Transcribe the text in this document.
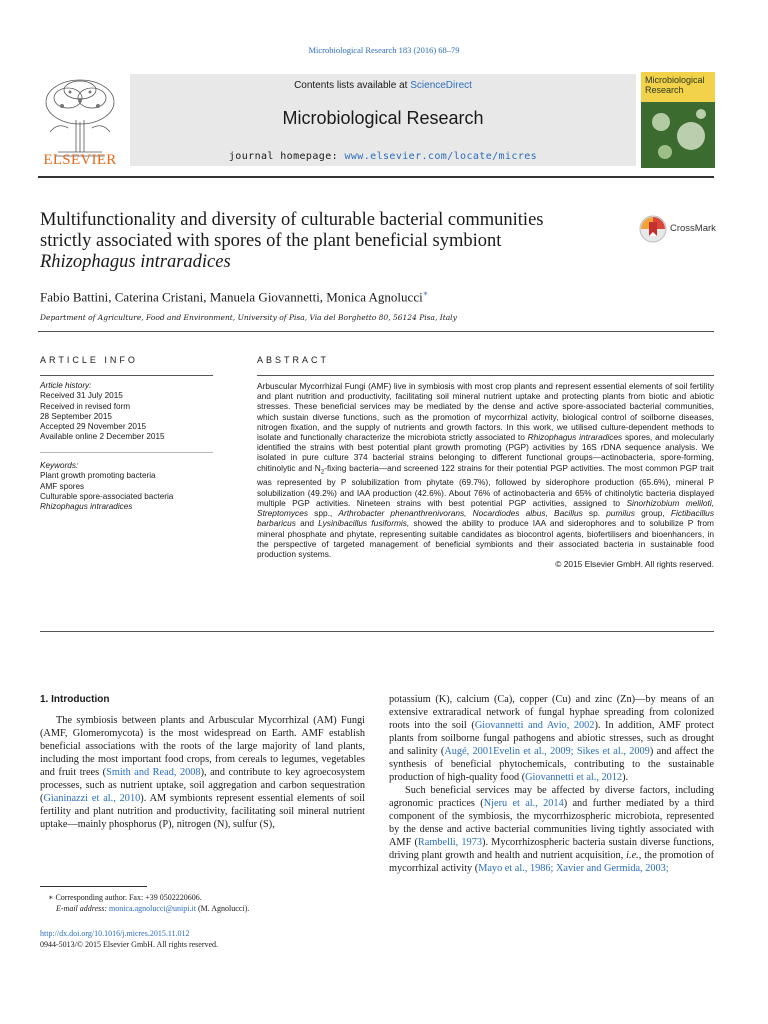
Microbiological Research 183 (2016) 68–79
Contents lists available at ScienceDirect
Microbiological Research
journal homepage: www.elsevier.com/locate/micres
ELSEVIER
Microbiological
Research
Multifunctionality and diversity of culturable bacterial communities
strictly associated with spores of the plant beneficial symbiont
Rhizophagus intraradices
CrossMark
Fabio Battini, Caterina Cristani, Manuela Giovannetti, Monica Agnolucci∗
Department of Agriculture, Food and Environment, University of Pisa, Via del Borghetto 80, 56124 Pisa, Italy
ARTICLE INFO	ABSTRACT
Article history:
Received 31 July 2015
Received in revised form
28 September 2015
Accepted 29 November 2015
Available online 2 December 2015
Keywords:
Plant growth promoting bacteria
AMF spores
Culturable spore-associated bacteria
Rhizophagus intraradices
Arbuscular Mycorrhizal Fungi (AMF) live in symbiosis with most crop plants and represent essential elements of soil fertility and plant nutrition and productivity, facilitating soil mineral nutrient uptake and protecting plants from biotic and abiotic stresses. These beneficial services may be mediated by the dense and active spore-associated bacterial communities, which sustain diverse functions, such as the promotion of mycorrhizal activity, biological control of soilborne diseases, nitrogen fixation, and the supply of nutrients and growth factors. In this work, we utilised culture-dependent methods to isolate and functionally characterize the microbiota strictly associated to Rhizophagus intraradices spores, and molecularly identified the strains with best potential plant growth promoting (PGP) activities by 16S rDNA sequence analysis. We isolated in pure culture 374 bacterial strains belonging to different functional groups—actinobacteria, spore-forming, chitinolytic and $N_2$-fixing bacteria—and screened 122 strains for their potential PGP activities. The most common PGP trait was represented by P solubilization from phytate (69.7%), followed by siderophore production (65.6%), mineral P solubilization (49.2%) and IAA production (42.6%). About 76% of actinobacteria and 65% of chitinolytic bacteria displayed multiple PGP activities. Nineteen strains with best potential PGP activities, assigned to Sinorhizobium meliloti, Streptomyces spp., Arthrobacter phenanthrenivorans, Nocardiodes albus, Bacillus sp. pumilus group, Fictibacillus barbaricus and Lysinibacillus fusiformis, showed the ability to produce IAA and siderophores and to solubilize P from mineral phosphate and phytate, representing suitable candidates as biocontrol agents, biofertilisers and bioenhancers, in the perspective of targeted management of beneficial symbionts and their associated bacteria in sustainable food production systems.
© 2015 Elsevier GmbH. All rights reserved.
1. Introduction

The symbiosis between plants and Arbuscular Mycorrhizal (AM) Fungi (AMF, Glomeromycota) is the most widespread on Earth. AMF establish beneficial associations with the roots of the large majority of land plants, including the most important food crops, from cereals to legumes, vegetables and fruit trees (Smith and Read, 2008), and contribute to key agroecosystem processes, such as nutrient uptake, soil aggregation and carbon sequestration (Gianinazzi et al., 2010). AM symbionts represent essential elements of soil fertility and plant nutrition and productivity, facilitating soil mineral nutrient uptake—mainly phosphorus (P), nitrogen (N), sulfur (S),

potassium (K), calcium (Ca), copper (Cu) and zinc (Zn)—by means of an extensive extraradical network of fungal hyphae spreading from colonized roots into the soil (Giovannetti and Avio, 2002). In addition, AMF protect plants from soilborne fungal pathogens and abiotic stresses, such as drought and salinity (Augé, 2001Evelin et al., 2009; Sikes et al., 2009) and affect the synthesis of beneficial phytochemicals, contributing to the sustainable production of high-quality food (Giovannetti et al., 2012).

Such beneficial services may be affected by diverse factors, including agronomic practices (Njeru et al., 2014) and further mediated by a third component of the symbiosis, the mycorrhizospheric microbiota, represented by the dense and active bacterial communities living tightly associated with AMF (Rambelli, 1973). Mycorrhizospheric bacteria sustain diverse functions, driving plant growth and health and nutrient acquisition, i.e., the promotion of mycorrhizal activity (Mayo et al., 1986; Xavier and Germida, 2003;

∗ Corresponding author. Fax: +39 0502220606.
E-mail address: monica.agnolucci@unipi.it (M. Agnolucci).
http://dx.doi.org/10.1016/j.micres.2015.11.012
0944-5013/© 2015 Elsevier GmbH. All rights reserved.
